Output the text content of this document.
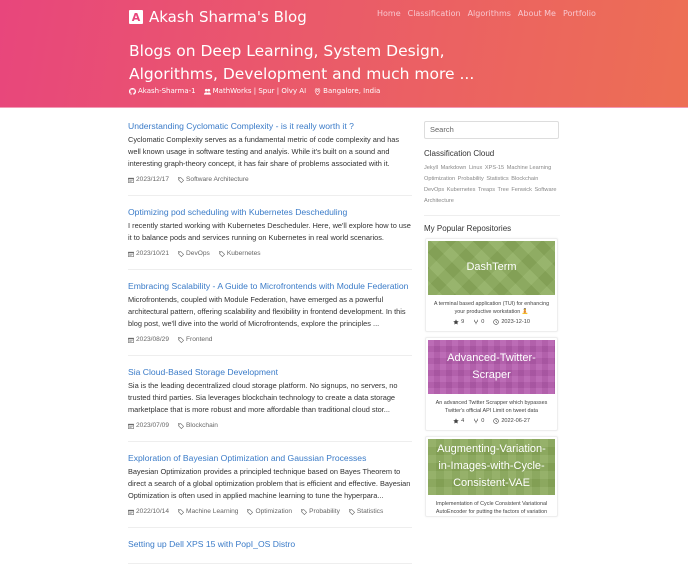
A Akash Sharma's Blog	Home Classification Algorithms About Me Portfolio
Blogs on Deep Learning, System Design, Algorithms, Development and much more ...
Akash-Sharma-1 MathWorks | Spur | Olvy AI Bangalore, India
Understanding Cyclomatic Complexity - is it really worth it ?
Cyclomatic Complexity serves as a fundamental metric of code complexity and has well known usage in software testing and analyis. While it's built on a sound and interesting graph-theory concept, it has fair share of problems associated with it.
2023/12/17	Software Architecture
Optimizing pod scheduling with Kubernetes Descheduling
I recently started working with Kubernetes Descheduler. Here, we'll explore how to use it to balance pods and services running on Kubernetes in real world scenarios.
2023/10/21	DevOps	Kubernetes
Embracing Scalability - A Guide to Microfrontends with Module Federation
Microfrontends, coupled with Module Federation, have emerged as a powerful architectural pattern, offering scalability and flexibility in frontend development. In this blog post, we'll dive into the world of Microfrontends, explore the principles ...
2023/08/29	Frontend
Sia Cloud-Based Storage Development
Sia is the leading decentralized cloud storage platform. No signups, no servers, no trusted third parties. Sia leverages blockchain technology to create a data storage marketplace that is more robust and more affordable than traditional cloud stor...
2023/07/09	Blockchain
Exploration of Bayesian Optimization and Gaussian Processes
Bayesian Optimization provides a principled technique based on Bayes Theorem to direct a search of a global optimization problem that is efficient and effective. Bayesian Optimization is often used in applied machine learning to tune the hyperpara...
2022/10/14	Machine Learning	Optimization	Probability	Statistics
Setting up Dell XPS 15 with PopI_OS Distro
Search
Classification Cloud
Jekyll Markdown Linux XPS-15 Machine Learning Optimization Probability Statistics Blockchain DevOps Kubernetes Treaps Tree Fenwick Software Architecture
My Popular Repositories
DashTerm
A terminal based application (TUI) for enhancing your productive workstation 🧘
9	0	2023-12-10
Advanced-Twitter-Scraper
An advanced Twitter Scrapper which bypasses Twitter's official API Limit on tweet data
4	0	2022-06-27
Augmenting-Variation-in-Images-with-Cycle-Consistent-VAE
Implementation of Cycle Consistent Variational AutoEncoder for putting the factors of variation
